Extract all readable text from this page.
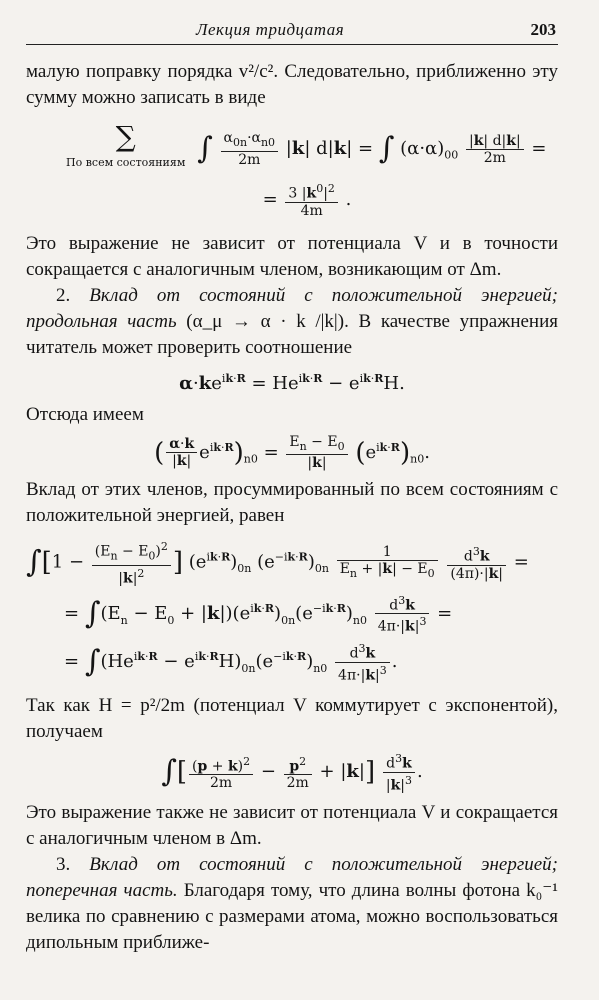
Лекция тридцатая	203

малую поправку порядка v²/c². Следовательно, приближенно эту сумму можно записать в виде

∑
По всем состояниям ∫ $\frac{\alpha_{0n}\cdot\alpha_{n0}}{2m} |k|$ d|k| = ∫ $(\alpha\cdot\alpha)_{00} \frac{|k| d|k|}{2m}$ =
= $\frac{3 |k^0|^2}{4m}$ .

Это выражение не зависит от потенциала V и в точности сокращается с аналогичным членом, возникающим от Δm.

2. Вклад от состояний с положительной энергией; продольная часть (α_μ → α · k /|k|). В качестве упражнения читатель может проверить соотношение

$\alpha\cdot ke^{ik\cdot R} = He^{ik\cdot R} - e^{ik\cdot R}H$.

Отсюда имеем

( $\frac{\alpha\cdot k}{|k|} e^{ik\cdot R})_{n0} = \frac{E_n - E_0}{|k|} (e^{ik\cdot R})_{n0}$.

Вклад от этих членов, просуммированный по всем состояниям с положительной энергией, равен

$\int[1 - \frac{(E_n - E_0)^2}{|k|^2}$ ] $(e^{ik\cdot R})_{0n}$ $(e^{-ik\cdot R})_{0n} \frac{1}{E_n + |k| - E_0}$
$\frac{d^3k}{(4\pi)\cdot|k|}$ =
= $\int(E_n - E_0 + |k|)(e^{ik\cdot R})_{0n}(e^{-ik\cdot R})_{n0} \frac{d^3k}{4\pi\cdot|k|^3}$ =
= $\int(He^{ik\cdot R} - e^{ik\cdot R}H)_{0n}(e^{-ik\cdot R})_{n0} \frac{d^3k}{4\pi\cdot|k|^3}$ .

Так как H = p²/2m (потенциал V коммутирует с экспонентой), получаем

∫[ $\frac{(p + k)^2}{2m} - \frac{p^2}{2m} + |k|] \frac{d^3k}{|k|^3}$ .

Это выражение также не зависит от потенциала V и сокращается с аналогичным членом в Δm.

3. Вклад от состояний с положительной энергией; поперечная часть. Благодаря тому, что длина волны фотона k₀⁻¹ велика по сравнению с размерами атома, можно воспользоваться дипольным приближе-
